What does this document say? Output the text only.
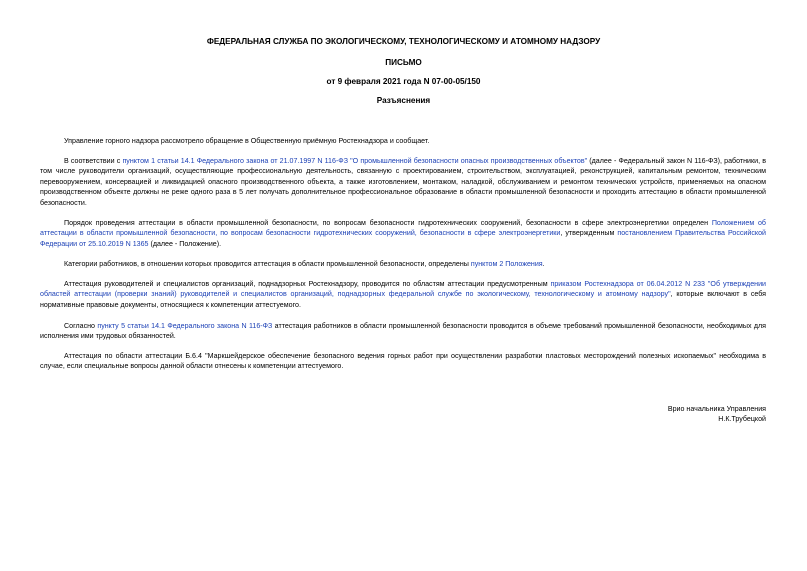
ФЕДЕРАЛЬНАЯ СЛУЖБА ПО ЭКОЛОГИЧЕСКОМУ, ТЕХНОЛОГИЧЕСКОМУ И АТОМНОМУ НАДЗОРУ
ПИСЬМО
от 9 февраля 2021 года N 07-00-05/150
Разъяснения

Управление горного надзора рассмотрело обращение в Общественную приёмную Ростехнадзора и сообщает.

В соответствии с пунктом 1 статьи 14.1 Федерального закона от 21.07.1997 N 116-ФЗ "О промышленной безопасности опасных производственных объектов" (далее - Федеральный закон N 116-ФЗ), работники, в том числе руководители организаций, осуществляющие профессиональную деятельность, связанную с проектированием, строительством, эксплуатацией, реконструкцией, капитальным ремонтом, техническим перевооружением, консервацией и ликвидацией опасного производственного объекта, а также изготовлением, монтажом, наладкой, обслуживанием и ремонтом технических устройств, применяемых на опасном производственном объекте должны не реже одного раза в 5 лет получать дополнительное профессиональное образование в области промышленной безопасности и проходить аттестацию в области промышленной безопасности.

Порядок проведения аттестации в области промышленной безопасности, по вопросам безопасности гидротехнических сооружений, безопасности в сфере электроэнергетики определен Положением об аттестации в области промышленной безопасности, по вопросам безопасности гидротехнических сооружений, безопасности в сфере электроэнергетики, утвержденным постановлением Правительства Российской Федерации от 25.10.2019 N 1365 (далее - Положение).

Категории работников, в отношении которых проводится аттестация в области промышленной безопасности, определены пунктом 2 Положения.

Аттестация руководителей и специалистов организаций, поднадзорных Ростехнадзору, проводится по областям аттестации предусмотренным приказом Ростехнадзора от 06.04.2012 N 233 "Об утверждении областей аттестации (проверки знаний) руководителей и специалистов организаций, поднадзорных федеральной службе по экологическому, технологическому и атомному надзору", которые включают в себя нормативные правовые документы, относящиеся к компетенции аттестуемого.

Согласно пункту 5 статьи 14.1 Федерального закона N 116-ФЗ аттестация работников в области промышленной безопасности проводится в объеме требований промышленной безопасности, необходимых для исполнения ими трудовых обязанностей.

Аттестация по области аттестации Б.6.4 "Маркшейдерское обеспечение безопасного ведения горных работ при осуществлении разработки пластовых месторождений полезных ископаемых" необходима в случае, если специальные вопросы данной области отнесены к компетенции аттестуемого.

Врио начальника Управления
Н.К.Трубецкой
